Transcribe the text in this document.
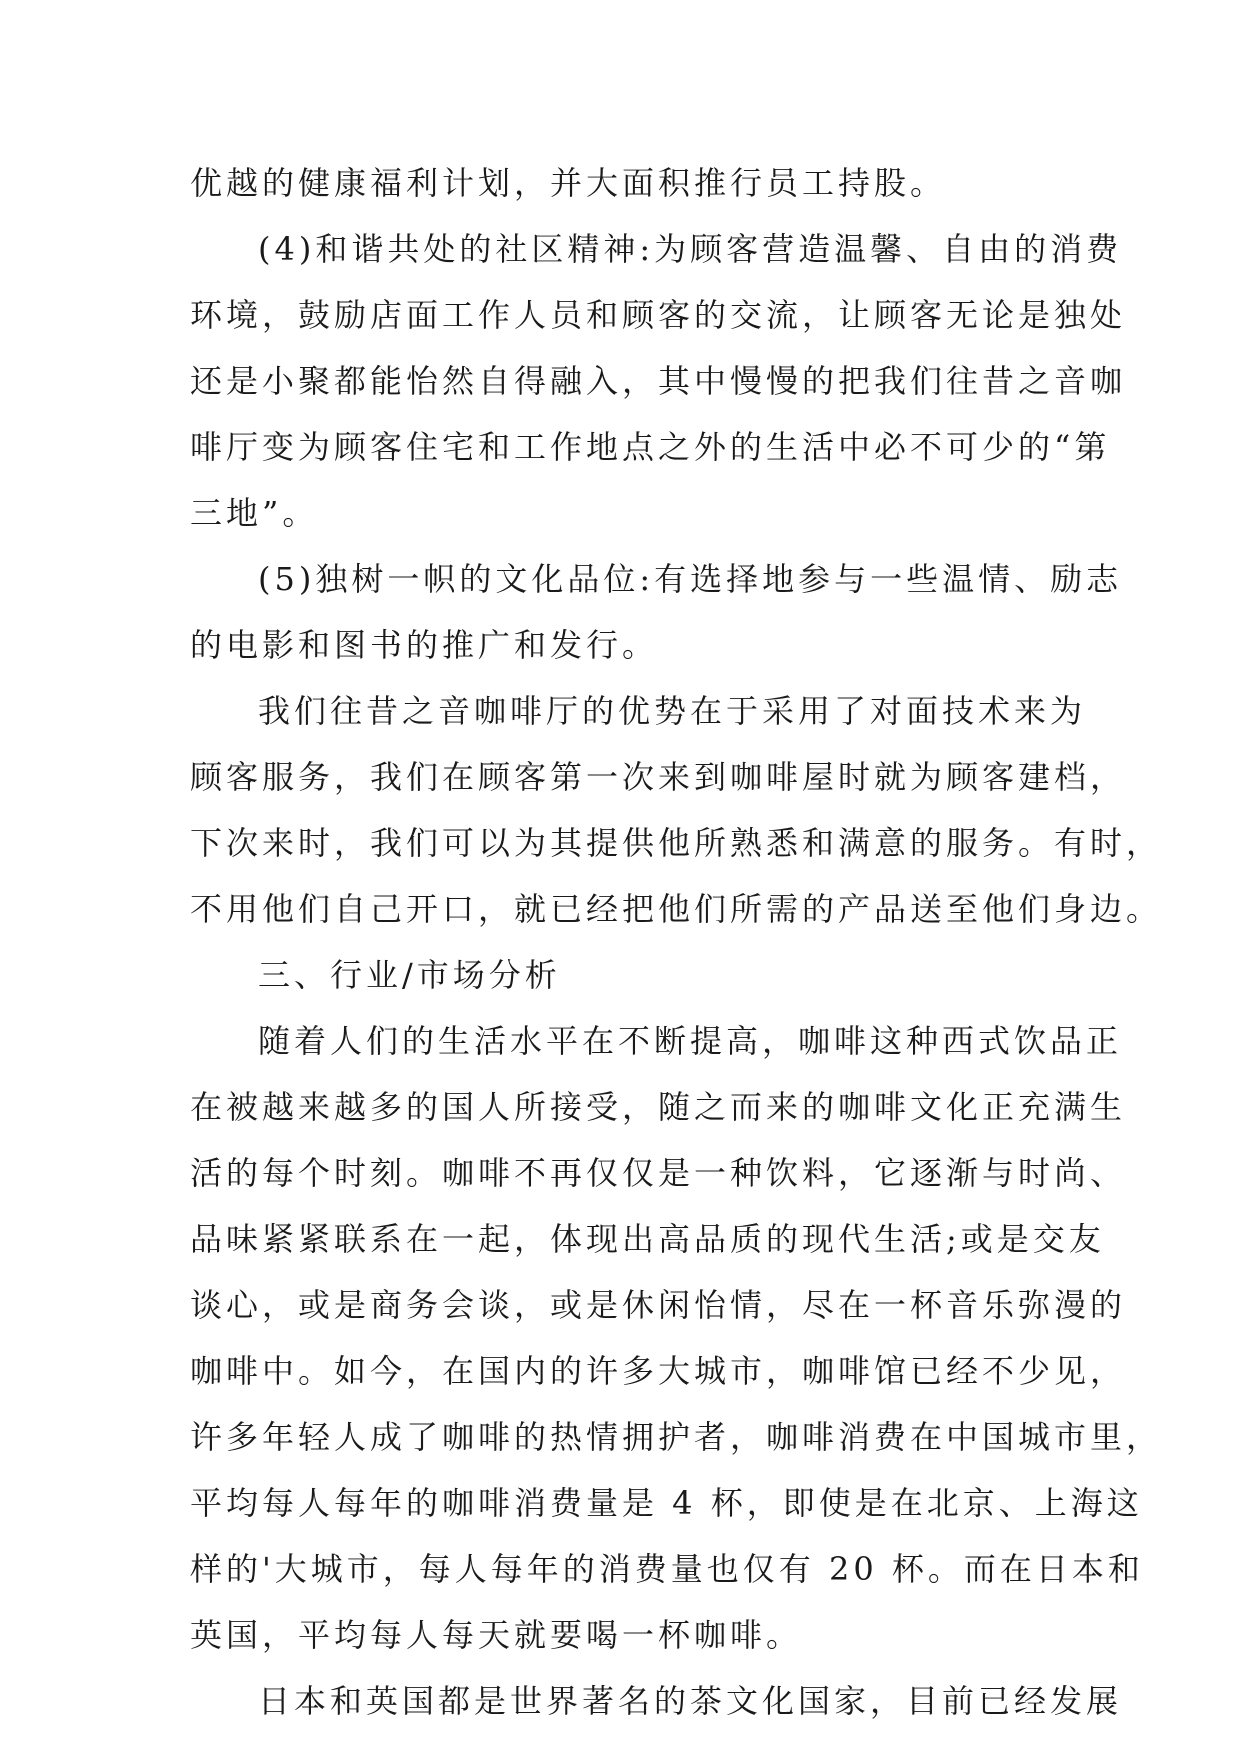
优越的健康福利计划，并大面积推行员工持股。
(4)和谐共处的社区精神:为顾客营造温馨、自由的消费
环境，鼓励店面工作人员和顾客的交流，让顾客无论是独处
还是小聚都能怡然自得融入，其中慢慢的把我们往昔之音咖
啡厅变为顾客住宅和工作地点之外的生活中必不可少的“第
三地”。
(5)独树一帜的文化品位:有选择地参与一些温情、励志
的电影和图书的推广和发行。
我们往昔之音咖啡厅的优势在于采用了对面技术来为
顾客服务，我们在顾客第一次来到咖啡屋时就为顾客建档，
下次来时，我们可以为其提供他所熟悉和满意的服务。有时，
不用他们自己开口，就已经把他们所需的产品送至他们身边。
三、行业/市场分析
随着人们的生活水平在不断提高，咖啡这种西式饮品正
在被越来越多的国人所接受，随之而来的咖啡文化正充满生
活的每个时刻。咖啡不再仅仅是一种饮料，它逐渐与时尚、
品味紧紧联系在一起，体现出高品质的现代生活;或是交友
谈心，或是商务会谈，或是休闲怡情，尽在一杯音乐弥漫的
咖啡中。如今，在国内的许多大城市，咖啡馆已经不少见，
许多年轻人成了咖啡的热情拥护者，咖啡消费在中国城市里，
平均每人每年的咖啡消费量是 4 杯，即使是在北京、上海这
样的'大城市，每人每年的消费量也仅有 20 杯。而在日本和
英国，平均每人每天就要喝一杯咖啡。
日本和英国都是世界著名的茶文化国家，目前已经发展
